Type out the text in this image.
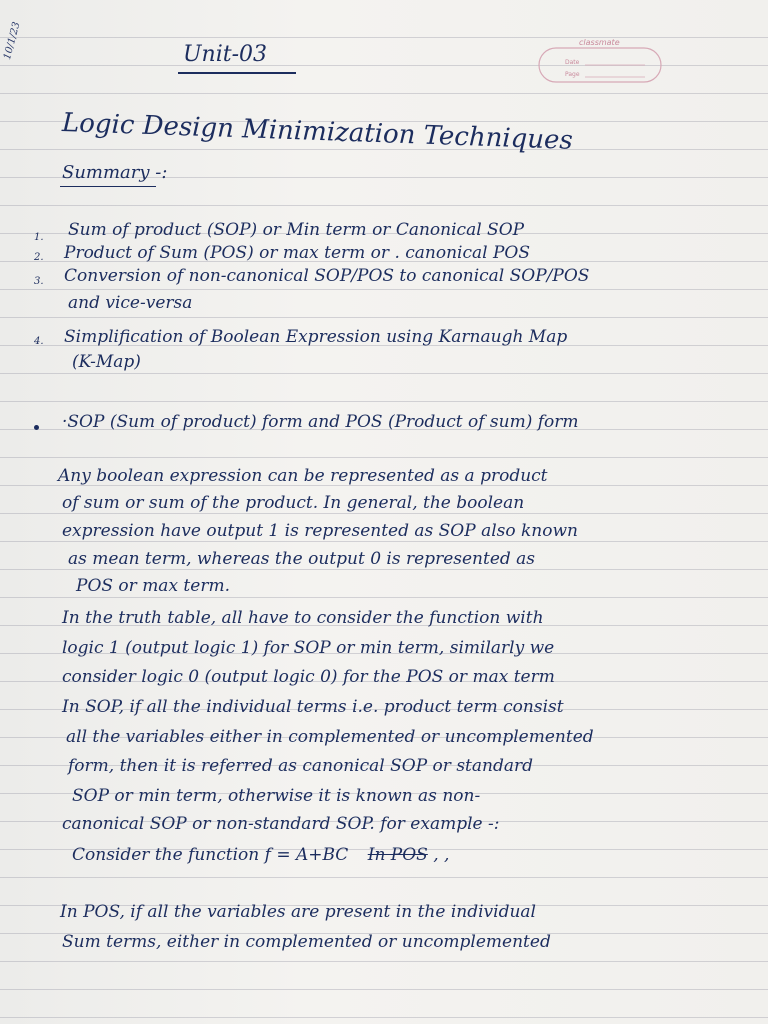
10/1/23	Unit-03	classmate
Date
Page
Logic Design Minimization Techniques
Summary -:
1. Sum of product (SOP) or Min term or Canonical SOP
2. Product of Sum (POS) or max term or . canonical POS
3. Conversion of non-canonical SOP/POS to canonical SOP/POS
and vice-versa
4. Simplification of Boolean Expression using Karnaugh Map
(K-Map)
·SOP (Sum of product) form and POS (Product of sum) form
Any boolean expression can be represented as a product
of sum or sum of the product. In general, the boolean
expression have output 1 is represented as SOP also known
as mean term, whereas the output 0 is represented as
POS or max term.
In the truth table, all have to consider the function with
logic 1 (output logic 1) for SOP or min term, similarly we
consider logic 0 (output logic 0) for the POS or max term
In SOP, if all the individual terms i.e. product term consist
all the variables either in complemented or uncomplemented
form, then it is referred as canonical SOP or standard
SOP or min term, otherwise it is known as non-
canonical SOP or non-standard SOP. for example -:
Consider the function f = A+BC In POS , ,
In POS, if all the variables are present in the individual
Sum terms, either in complemented or uncomplemented
